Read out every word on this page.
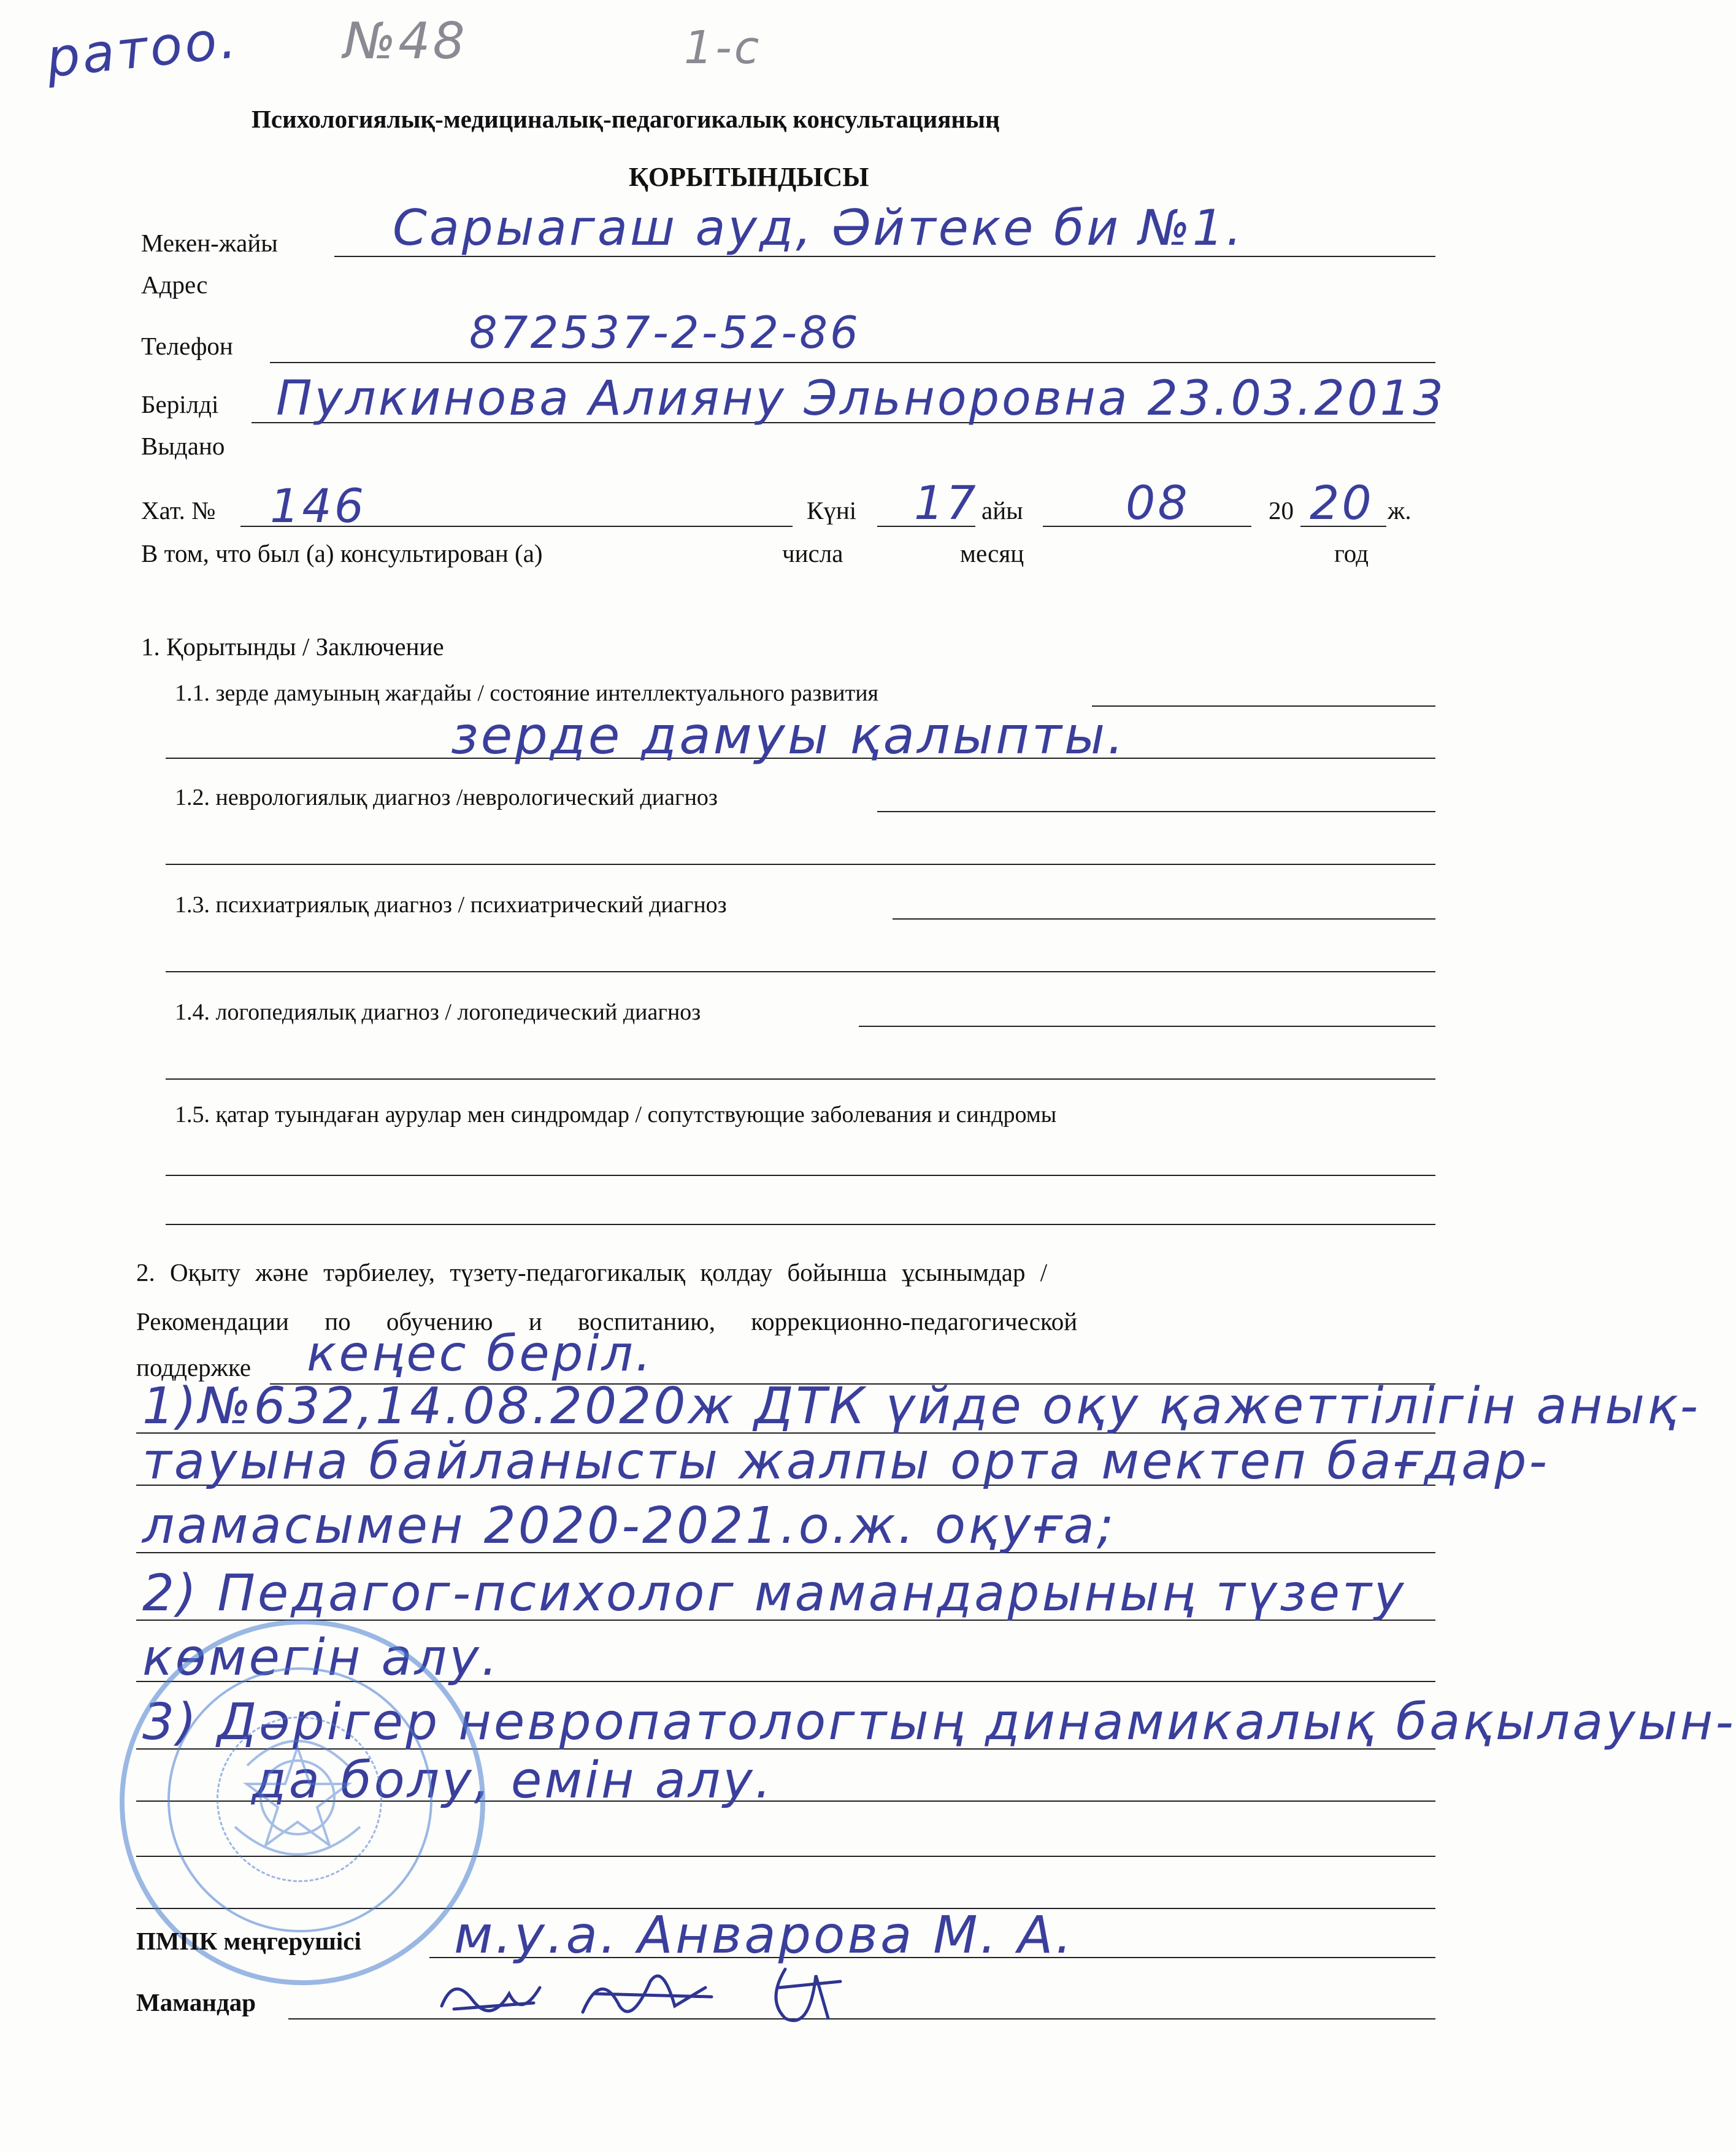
ратоо. №48	1-с
Психологиялық-медициналық-педагогикалық консультацияның
ҚОРЫТЫНДЫСЫ
Мекен-жайы
Адрес
Сарыагаш ауд, Әйтеке би №1.
Телефон	872537-2-52-86
Берілді
Выдано
Пулкинова Алияну Эльноровна 23.03.2013
Хат. № 146	Күні 17 айы 08	20 20 ж.
В том, что был (а) консультирован (а)	числа	месяц	год
1. Қорытынды / Заключение
1.1. зерде дамуының жағдайы / состояние интеллектуального развития
зерде дамуы қалыпты.
1.2. неврологиялық диагноз /неврологический диагноз
1.3. психиатриялық диагноз / психиатрический диагноз
1.4. логопедиялық диагноз / логопедический диагноз
1.5. қатар туындаған аурулар мен синдромдар / сопутствующие заболевания и синдромы
2. Оқыту және тәрбиелеу, түзету-педагогикалық қолдау бойынша ұсынымдар /
Рекомендации по обучению и воспитанию, коррекционно-педагогической
поддержке кеңес беріл.
1)№632,14.08.2020ж ДТК үйде оқу қажеттілігін анық-
тауына байланысты жалпы орта мектеп бағдар-
ламасымен 2020-2021.о.ж. оқуға;
2) Педагог-психолог мамандарының түзету
көмегін алу.
3) Дәрігер невропатологтың динамикалық бақылауын-
да болу, емін алу.
ПМПК меңгерушісі м.у.а. Анварова М. А.
Мамандар
